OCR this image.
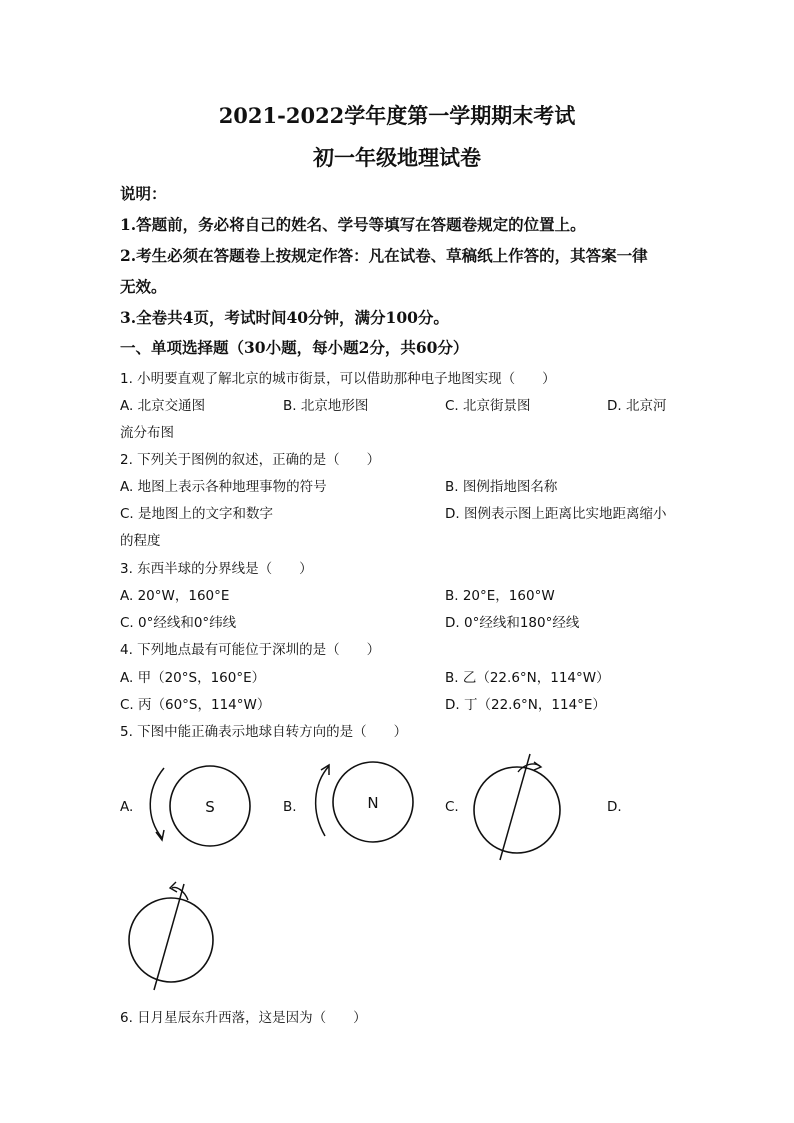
2021-2022学年度第一学期期末考试
初一年级地理试卷
说明：
1.答题前，务必将自己的姓名、学号等填写在答题卷规定的位置上。
2.考生必须在答题卷上按规定作答：凡在试卷、草稿纸上作答的，其答案一律
无效。
3.全卷共4页，考试时间40分钟，满分100分。
一、单项选择题（30小题，每小题2分，共60分）
1. 小明要直观了解北京的城市街景，可以借助那种电子地图实现（　　）
A. 北京交通图	B. 北京地形图	C. 北京街景图	D. 北京河
流分布图
2. 下列关于图例的叙述，正确的是（　　）
A. 地图上表示各种地理事物的符号	B. 图例指地图名称
C. 是地图上的文字和数字	D. 图例表示图上距离比实地距离缩小
的程度
3. 东西半球的分界线是（　　）
A. 20°W，160°E	B. 20°E，160°W
C. 0°经线和0°纬线	D. 0°经线和180°经线
4. 下列地点最有可能位于深圳的是（　　）
A. 甲（20°S，160°E）	B. 乙（22.6°N，114°W）
C. 丙（60°S，114°W）	D. 丁（22.6°N，114°E）
5. 下图中能正确表示地球自转方向的是（　　）
A.	B.	C.	D.
S	N
6. 日月星辰东升西落，这是因为（　　）
